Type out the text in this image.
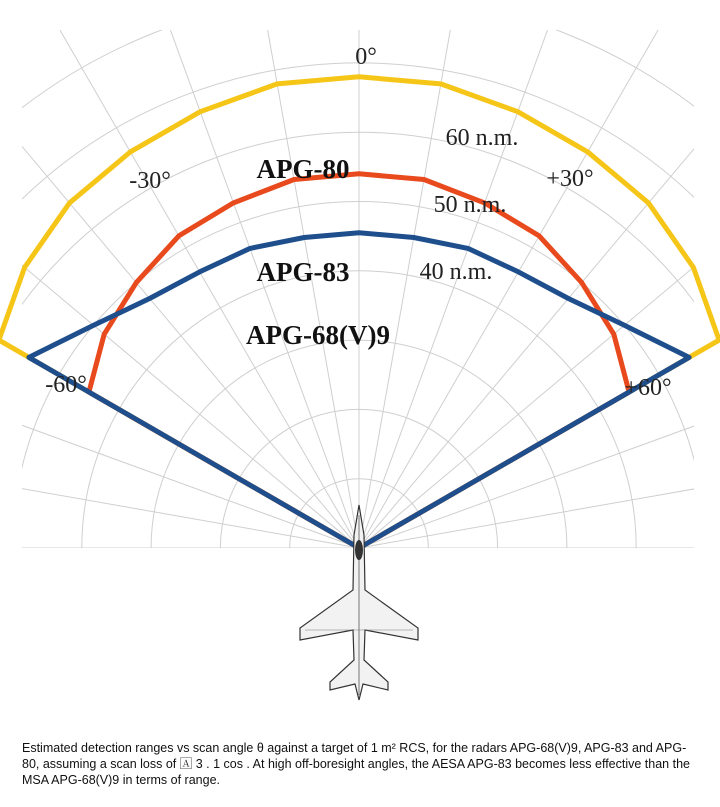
0°
-30°	+30°
-60°	+60°
60 n.m.
50 n.m.
40 n.m.
APG-80
APG-83
APG-68(V)9
Estimated detection ranges vs scan angle θ against a target of 1 m² RCS, for the radars APG-68(V)9, APG-83 and APG-80, assuming a scan loss of 🄰 3 . 1 cos . At high off-boresight angles, the AESA APG-83 becomes less effective than the MSA APG-68(V)9 in terms of range.
